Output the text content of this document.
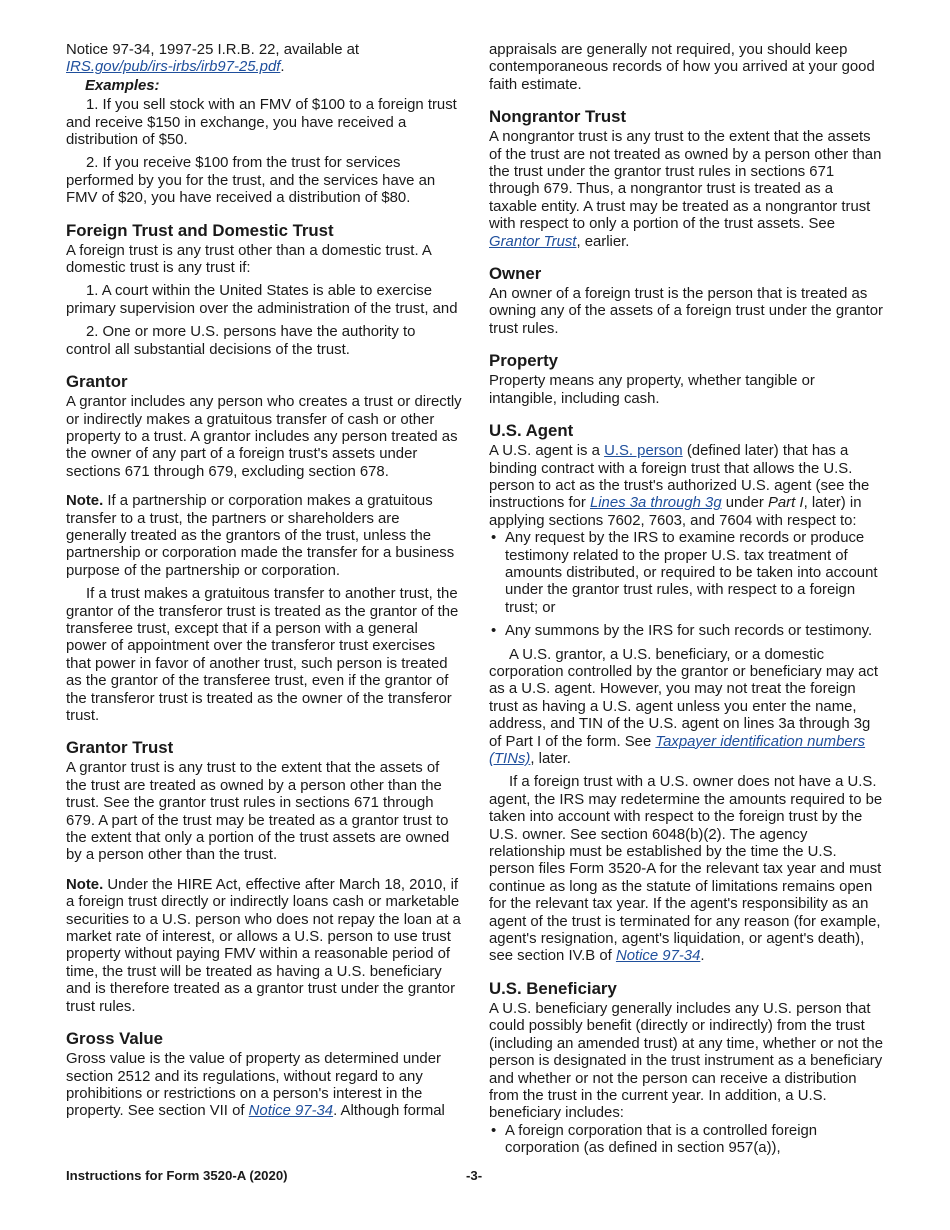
Notice 97-34, 1997-25 I.R.B. 22, available at IRS.gov/pub/irs-irbs/irb97-25.pdf.

Examples:

1. If you sell stock with an FMV of $100 to a foreign trust and receive $150 in exchange, you have received a distribution of $50.

2. If you receive $100 from the trust for services performed by you for the trust, and the services have an FMV of $20, you have received a distribution of $80.

Foreign Trust and Domestic Trust

A foreign trust is any trust other than a domestic trust. A domestic trust is any trust if:

1. A court within the United States is able to exercise primary supervision over the administration of the trust, and

2. One or more U.S. persons have the authority to control all substantial decisions of the trust.

Grantor

A grantor includes any person who creates a trust or directly or indirectly makes a gratuitous transfer of cash or other property to a trust. A grantor includes any person treated as the owner of any part of a foreign trust's assets under sections 671 through 679, excluding section 678.

Note. If a partnership or corporation makes a gratuitous transfer to a trust, the partners or shareholders are generally treated as the grantors of the trust, unless the partnership or corporation made the transfer for a business purpose of the partnership or corporation.

If a trust makes a gratuitous transfer to another trust, the grantor of the transferor trust is treated as the grantor of the transferee trust, except that if a person with a general power of appointment over the transferor trust exercises that power in favor of another trust, such person is treated as the grantor of the transferee trust, even if the grantor of the transferor trust is treated as the owner of the transferor trust.

Grantor Trust

A grantor trust is any trust to the extent that the assets of the trust are treated as owned by a person other than the trust. See the grantor trust rules in sections 671 through 679. A part of the trust may be treated as a grantor trust to the extent that only a portion of the trust assets are owned by a person other than the trust.

Note. Under the HIRE Act, effective after March 18, 2010, if a foreign trust directly or indirectly loans cash or marketable securities to a U.S. person who does not repay the loan at a market rate of interest, or allows a U.S. person to use trust property without paying FMV within a reasonable period of time, the trust will be treated as having a U.S. beneficiary and is therefore treated as a grantor trust under the grantor trust rules.

Gross Value

Gross value is the value of property as determined under section 2512 and its regulations, without regard to any prohibitions or restrictions on a person's interest in the property. See section VII of Notice 97-34. Although formal

appraisals are generally not required, you should keep contemporaneous records of how you arrived at your good faith estimate.

Nongrantor Trust

A nongrantor trust is any trust to the extent that the assets of the trust are not treated as owned by a person other than the trust under the grantor trust rules in sections 671 through 679. Thus, a nongrantor trust is treated as a taxable entity. A trust may be treated as a nongrantor trust with respect to only a portion of the trust assets. See Grantor Trust, earlier.

Owner

An owner of a foreign trust is the person that is treated as owning any of the assets of a foreign trust under the grantor trust rules.

Property

Property means any property, whether tangible or intangible, including cash.

U.S. Agent

A U.S. agent is a U.S. person (defined later) that has a binding contract with a foreign trust that allows the U.S. person to act as the trust's authorized U.S. agent (see the instructions for Lines 3a through 3g under Part I, later) in applying sections 7602, 7603, and 7604 with respect to:

• Any request by the IRS to examine records or produce testimony related to the proper U.S. tax treatment of amounts distributed, or required to be taken into account under the grantor trust rules, with respect to a foreign trust; or

• Any summons by the IRS for such records or testimony.

A U.S. grantor, a U.S. beneficiary, or a domestic corporation controlled by the grantor or beneficiary may act as a U.S. agent. However, you may not treat the foreign trust as having a U.S. agent unless you enter the name, address, and TIN of the U.S. agent on lines 3a through 3g of Part I of the form. See Taxpayer identification numbers (TINs), later.

If a foreign trust with a U.S. owner does not have a U.S. agent, the IRS may redetermine the amounts required to be taken into account with respect to the foreign trust by the U.S. owner. See section 6048(b)(2). The agency relationship must be established by the time the U.S. person files Form 3520-A for the relevant tax year and must continue as long as the statute of limitations remains open for the relevant tax year. If the agent's responsibility as an agent of the trust is terminated for any reason (for example, agent's resignation, agent's liquidation, or agent's death), see section IV.B of Notice 97-34.

U.S. Beneficiary

A U.S. beneficiary generally includes any U.S. person that could possibly benefit (directly or indirectly) from the trust (including an amended trust) at any time, whether or not the person is designated in the trust instrument as a beneficiary and whether or not the person can receive a distribution from the trust in the current year. In addition, a U.S. beneficiary includes:

• A foreign corporation that is a controlled foreign corporation (as defined in section 957(a)),

Instructions for Form 3520-A (2020)	-3-
